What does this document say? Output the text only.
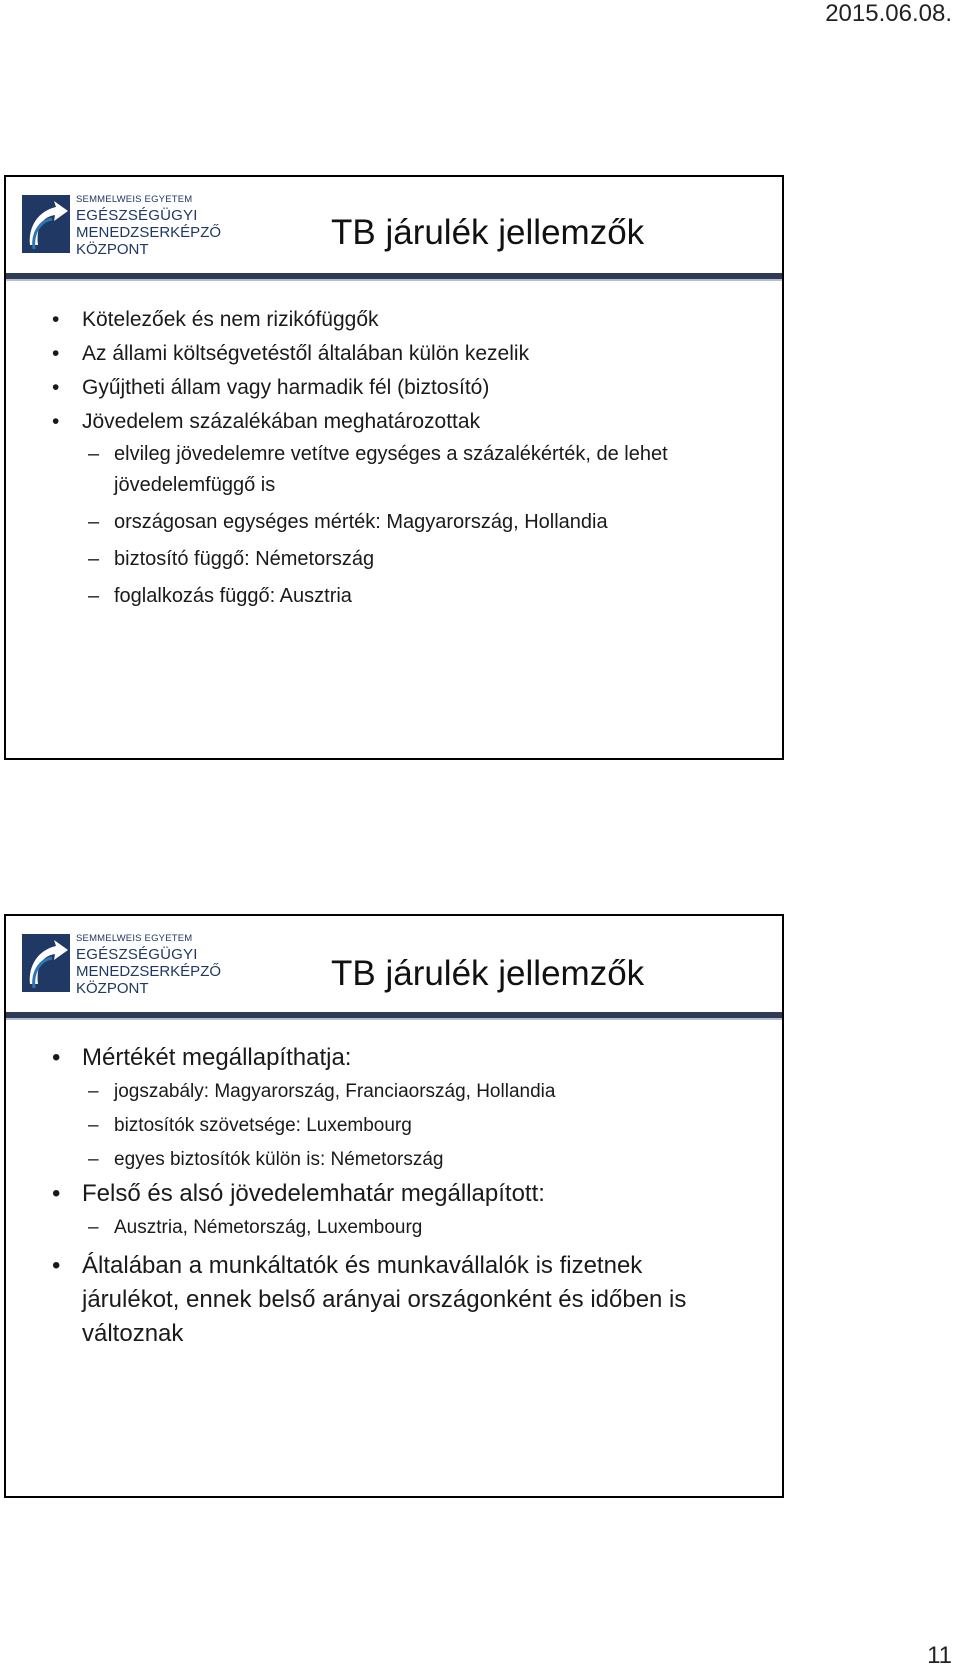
2015.06.08.
SEMMELWEIS EGYETEM
EGÉSZSÉGÜGYI
MENEDZSERKÉPZŐ
KÖZPONT	TB járulék jellemzők
• Kötelezőek és nem rizikófüggők
• Az állami költségvetéstől általában külön kezelik
• Gyűjtheti állam vagy harmadik fél (biztosító)
• Jövedelem százalékában meghatározottak
– elvileg jövedelemre vetítve egységes a százalékérték, de lehet jövedelemfüggő is
– országosan egységes mérték: Magyarország, Hollandia
– biztosító függő: Németország
– foglalkozás függő: Ausztria
SEMMELWEIS EGYETEM
EGÉSZSÉGÜGYI
MENEDZSERKÉPZŐ
KÖZPONT	TB járulék jellemzők
• Mértékét megállapíthatja:
– jogszabály: Magyarország, Franciaország, Hollandia
– biztosítók szövetsége: Luxembourg
– egyes biztosítók külön is: Németország
• Felső és alsó jövedelemhatár megállapított:
– Ausztria, Németország, Luxembourg
• Általában a munkáltatók és munkavállalók is fizetnek járulékot, ennek belső arányai országonként és időben is változnak
11
